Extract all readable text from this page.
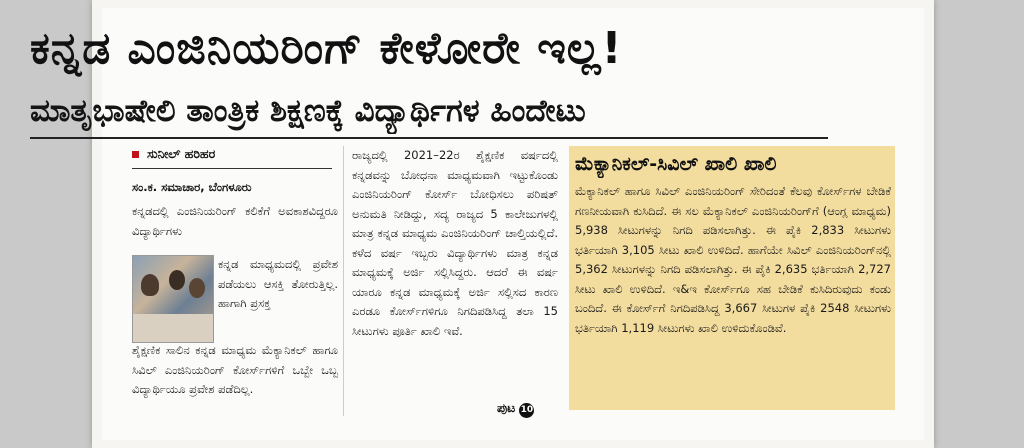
ಕನ್ನಡ ಎಂಜಿನಿಯರಿಂಗ್ ಕೇಳೋರೇ ಇಲ್ಲ!
ಮಾತೃಭಾಷೇಲಿ ತಾಂತ್ರಿಕ ಶಿಕ್ಷಣಕ್ಕೆ ವಿದ್ಯಾರ್ಥಿಗಳ ಹಿಂದೇಟು
ಸುನೀಲ್ ಹರಿಹರ
ಸಂ.ಕ. ಸಮಾಚಾರ, ಬೆಂಗಳೂರು
ಕನ್ನಡದಲ್ಲಿ ಎಂಜಿನಿಯರಿಂಗ್ ಕಲಿಕೆಗೆ ಅವಕಾಶವಿದ್ದರೂ ವಿದ್ಯಾರ್ಥಿಗಳು
ಕನ್ನಡ ಮಾಧ್ಯಮದಲ್ಲಿ ಪ್ರವೇಶ ಪಡೆಯಲು ಆಸಕ್ತಿ ತೋರುತ್ತಿಲ್ಲ. ಹಾಗಾಗಿ ಪ್ರಸಕ್ತ
ಶೈಕ್ಷಣಿಕ ಸಾಲಿನ ಕನ್ನಡ ಮಾಧ್ಯಮ ಮೆಕ್ಯಾನಿಕಲ್ ಹಾಗೂ ಸಿವಿಲ್ ಎಂಜಿನಿಯರಿಂಗ್ ಕೋರ್ಸ್‌ಗಳಿಗೆ ಒಬ್ಬೇ ಒಬ್ಬ ವಿದ್ಯಾರ್ಥಿಯೂ ಪ್ರವೇಶ ಪಡೆದಿಲ್ಲ.
ರಾಜ್ಯದಲ್ಲಿ 2021–22ರ ಶೈಕ್ಷಣಿಕ ವರ್ಷದಲ್ಲಿ ಕನ್ನಡವನ್ನು ಬೋಧನಾ ಮಾಧ್ಯಮವಾಗಿ ಇಟ್ಟುಕೊಂಡು ಎಂಜಿನಿಯರಿಂಗ್ ಕೋರ್ಸ್ ಬೋಧಿಸಲು ಪರಿಷತ್ ಅನುಮತಿ ನೀಡಿದ್ದು, ಸದ್ಯ ರಾಜ್ಯದ 5 ಕಾಲೇಜುಗಳಲ್ಲಿ ಮಾತ್ರ ಕನ್ನಡ ಮಾಧ್ಯಮ ಎಂಜಿನಿಯರಿಂಗ್ ಚಾಲ್ತಿಯಲ್ಲಿದೆ. ಕಳೆದ ವರ್ಷ ಇಬ್ಬರು ವಿದ್ಯಾರ್ಥಿಗಳು ಮಾತ್ರ ಕನ್ನಡ ಮಾಧ್ಯಮಕ್ಕೆ ಅರ್ಜಿ ಸಲ್ಲಿಸಿದ್ದರು. ಆದರೆ ಈ ವರ್ಷ ಯಾರೂ ಕನ್ನಡ ಮಾಧ್ಯಮಕ್ಕೆ ಅರ್ಜಿ ಸಲ್ಲಿಸದ ಕಾರಣ ಎರಡೂ ಕೋರ್ಸ್‌ಗಳಿಗೂ ನಿಗದಿಪಡಿಸಿದ್ದ ತಲಾ 15 ಸೀಟುಗಳು ಪೂರ್ತಿ ಖಾಲಿ ಇವೆ.
ಪುಟ 10
ಮೆಕ್ಯಾನಿಕಲ್-ಸಿವಿಲ್ ಖಾಲಿ ಖಾಲಿ
ಮೆಕ್ಯಾನಿಕಲ್ ಹಾಗೂ ಸಿವಿಲ್ ಎಂಜಿನಿಯರಿಂಗ್ ಸೇರಿದಂತೆ ಕೆಲವು ಕೋರ್ಸ್‌ಗಳ ಬೇಡಿಕೆ ಗಣನೀಯವಾಗಿ ಕುಸಿದಿದೆ. ಈ ಸಲ ಮೆಕ್ಯಾನಿಕಲ್ ಎಂಜಿನಿಯರಿಂಗ್‌ಗೆ (ಆಂಗ್ಲ ಮಾಧ್ಯಮ) 5,938 ಸೀಟುಗಳನ್ನು ನಿಗದಿ ಪಡಿಸಲಾಗಿತ್ತು. ಈ ಪೈಕಿ 2,833 ಸೀಟುಗಳು ಭರ್ತಿಯಾಗಿ 3,105 ಸೀಟು ಖಾಲಿ ಉಳಿದಿದೆ. ಹಾಗೆಯೇ ಸಿವಿಲ್ ಎಂಜಿನಿಯರಿಂಗ್‌ನಲ್ಲಿ 5,362 ಸೀಟುಗಳನ್ನು ನಿಗದಿ ಪಡಿಸಲಾಗಿತ್ತು. ಈ ಪೈಕಿ 2,635 ಭರ್ತಿಯಾಗಿ 2,727 ಸೀಟು ಖಾಲಿ ಉಳಿದಿದೆ. ಇ&ಇ ಕೋರ್ಸ್‌ಗೂ ಸಹ ಬೇಡಿಕೆ ಕುಸಿದಿರುವುದು ಕಂಡು ಬಂದಿದೆ. ಈ ಕೋರ್ಸ್‌ಗೆ ನಿಗದಿಪಡಿಸಿದ್ದ 3,667 ಸೀಟುಗಳ ಪೈಕಿ 2548 ಸೀಟುಗಳು ಭರ್ತಿಯಾಗಿ 1,119 ಸೀಟುಗಳು ಖಾಲಿ ಉಳಿದುಕೊಂಡಿವೆ.
